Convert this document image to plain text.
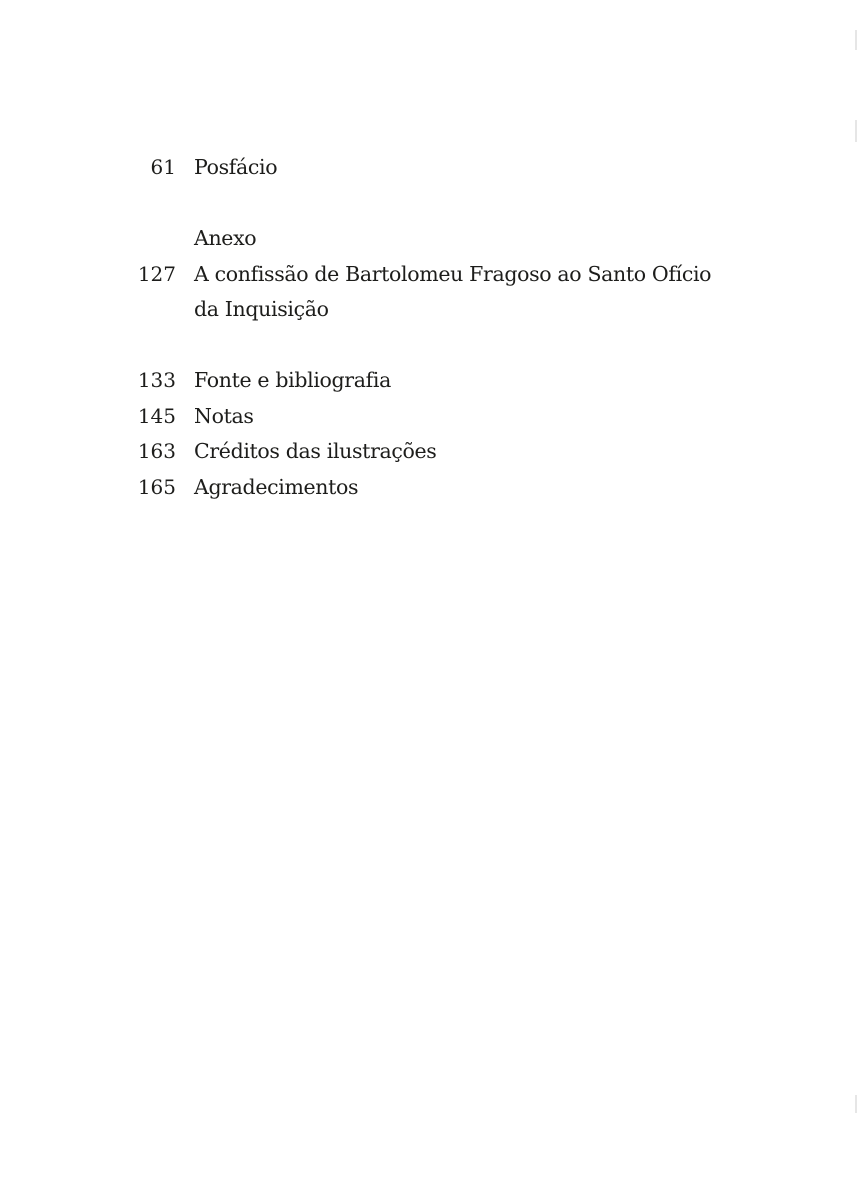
61 Posfácio
Anexo
127 A confissão de Bartolomeu Fragoso ao Santo Ofício
da Inquisição
133 Fonte e bibliografia
145 Notas
163 Créditos das ilustrações
165 Agradecimentos
